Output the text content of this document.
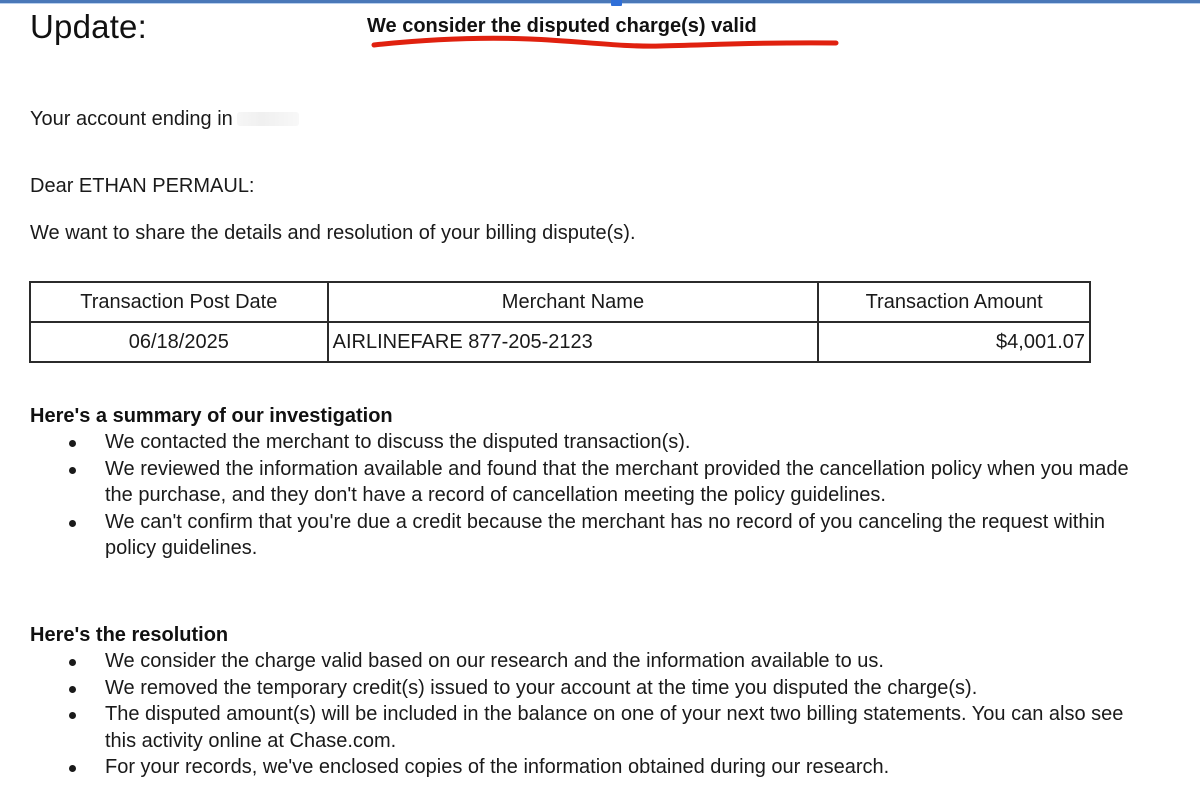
Update:	We consider the disputed charge(s) valid
Your account ending in
Dear ETHAN PERMAUL:
We want to share the details and resolution of your billing dispute(s).
Transaction Post Date	Merchant Name	Transaction Amount
06/18/2025	AIRLINEFARE 877-205-2123	$4,001.07
Here's a summary of our investigation
We contacted the merchant to discuss the disputed transaction(s).
We reviewed the information available and found that the merchant provided the cancellation policy when you made the purchase, and they don't have a record of cancellation meeting the policy guidelines.
We can't confirm that you're due a credit because the merchant has no record of you canceling the request within policy guidelines.
Here's the resolution
We consider the charge valid based on our research and the information available to us.
We removed the temporary credit(s) issued to your account at the time you disputed the charge(s).
The disputed amount(s) will be included in the balance on one of your next two billing statements. You can also see this activity online at Chase.com.
For your records, we've enclosed copies of the information obtained during our research.
